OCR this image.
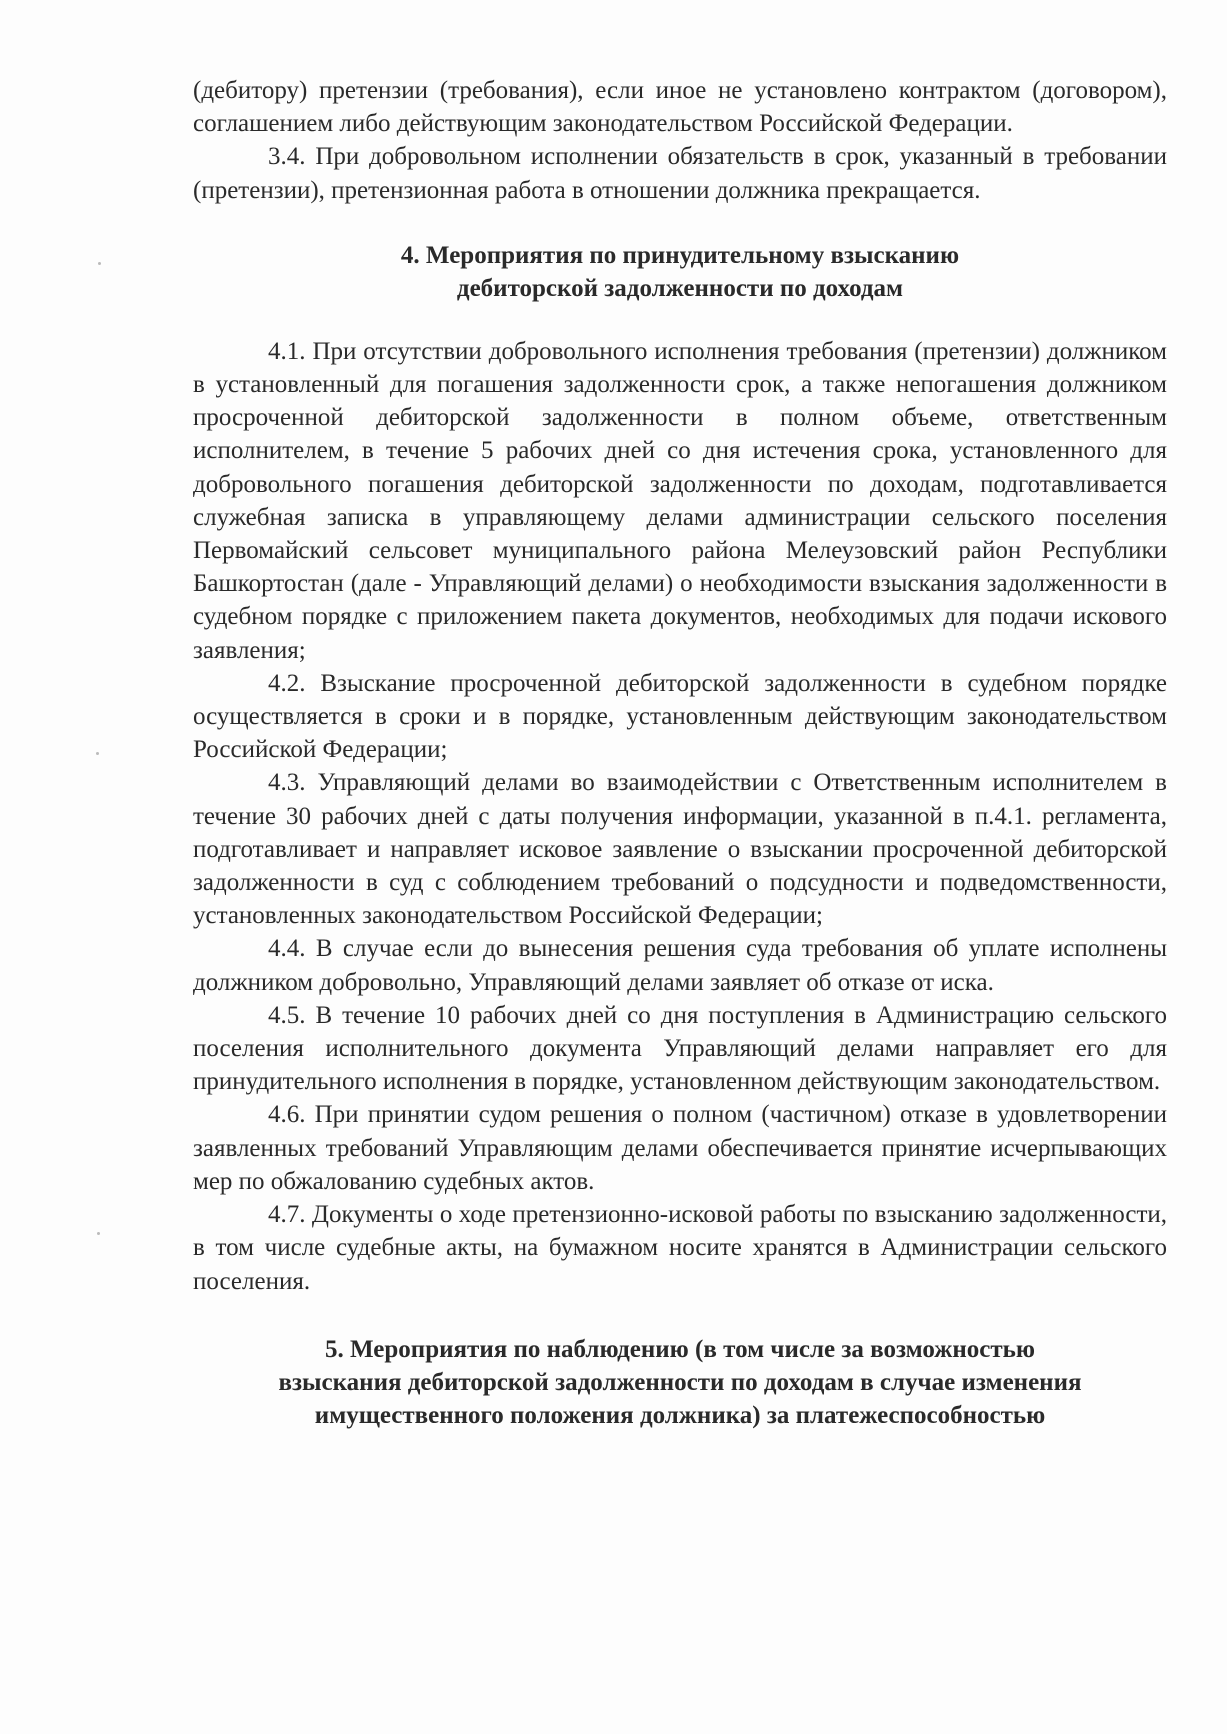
(дебитору) претензии (требования), если иное не установлено контрактом (договором), соглашением либо действующим законодательством Российской Федерации.

3.4. При добровольном исполнении обязательств в срок, указанный в требовании (претензии), претензионная работа в отношении должника прекращается.

4. Мероприятия по принудительному взысканию
дебиторской задолженности по доходам

4.1. При отсутствии добровольного исполнения требования (претензии) должником в установленный для погашения задолженности срок, а также непогашения должником просроченной дебиторской задолженности в полном объеме, ответственным исполнителем, в течение 5 рабочих дней со дня истечения срока, установленного для добровольного погашения дебиторской задолженности по доходам, подготавливается служебная записка в управляющему делами администрации сельского поселения Первомайский сельсовет муниципального района Мелеузовский район Республики Башкортостан (дале - Управляющий делами) о необходимости взыскания задолженности в судебном порядке с приложением пакета документов, необходимых для подачи искового заявления;

4.2. Взыскание просроченной дебиторской задолженности в судебном порядке осуществляется в сроки и в порядке, установленным действующим законодательством Российской Федерации;

4.3. Управляющий делами во взаимодействии с Ответственным исполнителем в течение 30 рабочих дней с даты получения информации, указанной в п.4.1. регламента, подготавливает и направляет исковое заявление о взыскании просроченной дебиторской задолженности в суд с соблюдением требований о подсудности и подведомственности, установленных законодательством Российской Федерации;

4.4. В случае если до вынесения решения суда требования об уплате исполнены должником добровольно, Управляющий делами заявляет об отказе от иска.

4.5. В течение 10 рабочих дней со дня поступления в Администрацию сельского поселения исполнительного документа Управляющий делами направляет его для принудительного исполнения в порядке, установленном действующим законодательством.

4.6. При принятии судом решения о полном (частичном) отказе в удовлетворении заявленных требований Управляющим делами обеспечивается принятие исчерпывающих мер по обжалованию судебных актов.

4.7. Документы о ходе претензионно-исковой работы по взысканию задолженности, в том числе судебные акты, на бумажном носите хранятся в Администрации сельского поселения.

5. Мероприятия по наблюдению (в том числе за возможностью
взыскания дебиторской задолженности по доходам в случае изменения
имущественного положения должника) за платежеспособностью
